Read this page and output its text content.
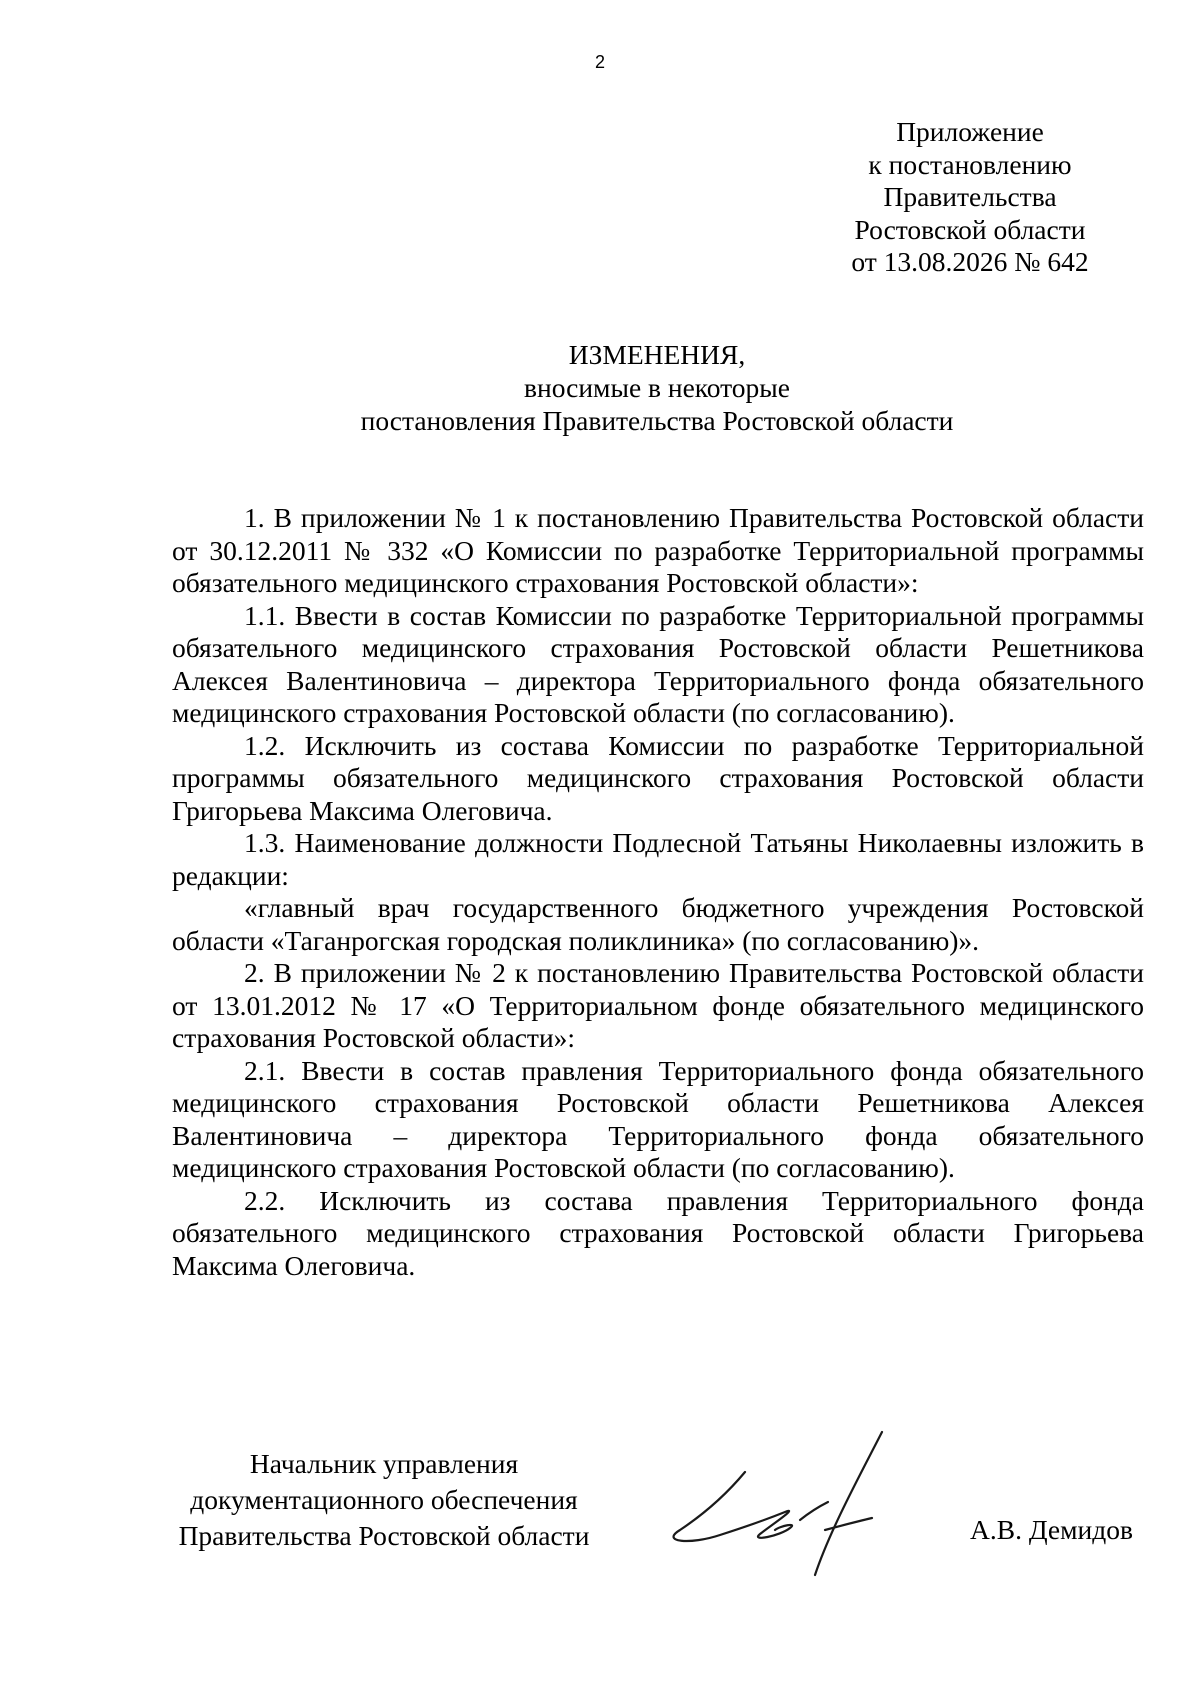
2
Приложение
к постановлению
Правительства
Ростовской области
от 13.08.2026 № 642
ИЗМЕНЕНИЯ,
вносимые в некоторые
постановления Правительства Ростовской области

1. В приложении № 1 к постановлению Правительства Ростовской области от 30.12.2011 № 332 «О Комиссии по разработке Территориальной программы обязательного медицинского страхования Ростовской области»:

1.1. Ввести в состав Комиссии по разработке Территориальной программы обязательного медицинского страхования Ростовской области Решетникова Алексея Валентиновича – директора Территориального фонда обязательного медицинского страхования Ростовской области (по согласованию).

1.2. Исключить из состава Комиссии по разработке Территориальной программы обязательного медицинского страхования Ростовской области Григорьева Максима Олеговича.

1.3. Наименование должности Подлесной Татьяны Николаевны изложить в редакции:

«главный врач государственного бюджетного учреждения Ростовской области «Таганрогская городская поликлиника» (по согласованию)».

2. В приложении № 2 к постановлению Правительства Ростовской области от 13.01.2012 № 17 «О Территориальном фонде обязательного медицинского страхования Ростовской области»:

2.1. Ввести в состав правления Территориального фонда обязательного медицинского страхования Ростовской области Решетникова Алексея Валентиновича – директора Территориального фонда обязательного медицинского страхования Ростовской области (по согласованию).

2.2. Исключить из состава правления Территориального фонда обязательного медицинского страхования Ростовской области Григорьева Максима Олеговича.

Начальник управления
документационного обеспечения
Правительства Ростовской области	А.В. Демидов
